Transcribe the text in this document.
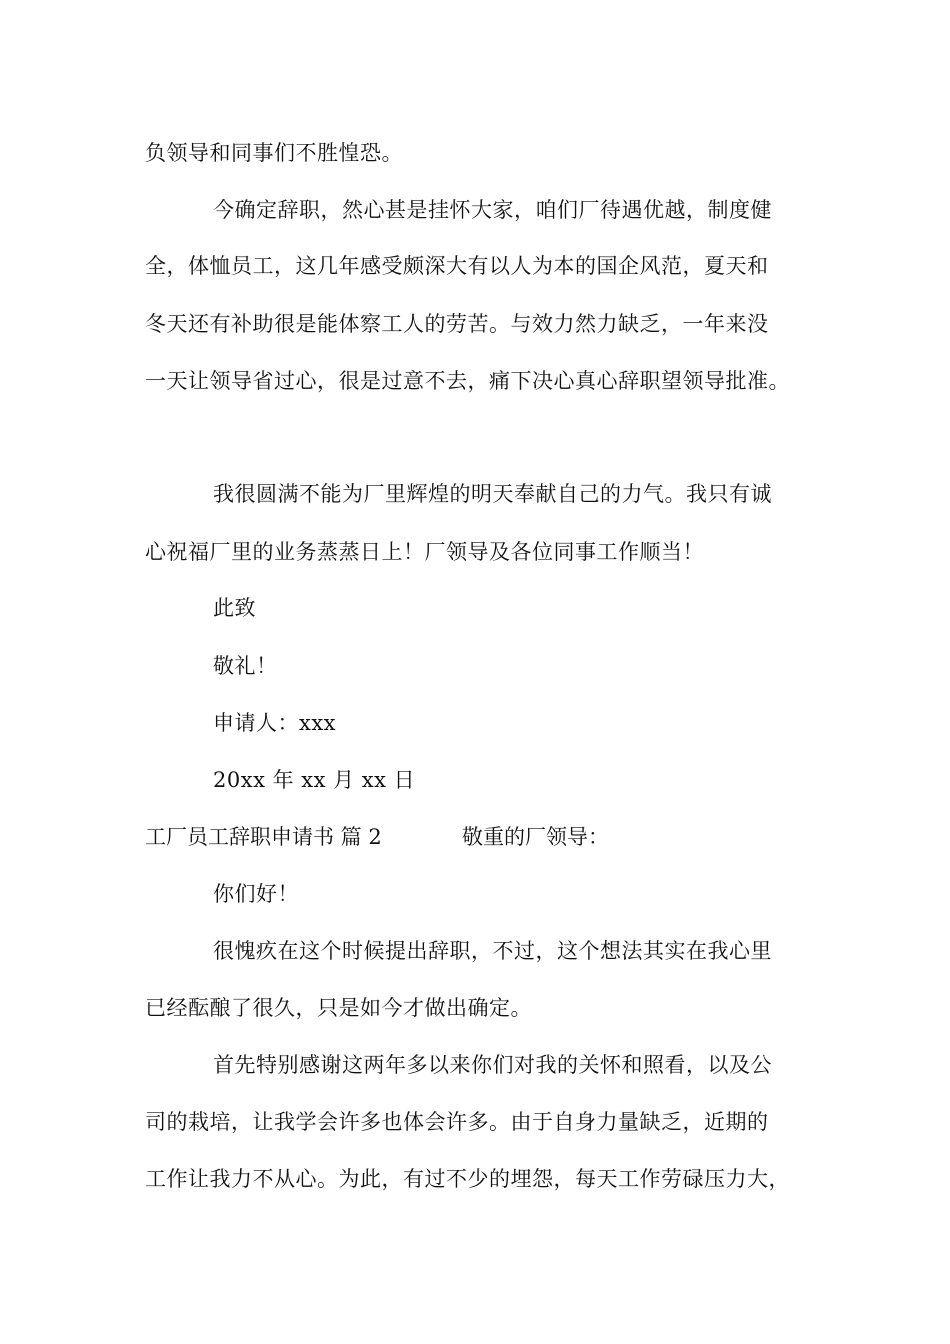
负领导和同事们不胜惶恐。
今确定辞职，然心甚是挂怀大家，咱们厂待遇优越，制度健
全，体恤员工，这几年感受颇深大有以人为本的国企风范，夏天和
冬天还有补助很是能体察工人的劳苦。与效力然力缺乏，一年来没
一天让领导省过心，很是过意不去，痛下决心真心辞职望领导批准。
我很圆满不能为厂里辉煌的明天奉献自己的力气。我只有诚
心祝福厂里的业务蒸蒸日上！厂领导及各位同事工作顺当！
此致
敬礼！
申请人：xxx
20xx 年 xx 月 xx 日
工厂员工辞职申请书 篇 2	敬重的厂领导：
你们好！
很愧疚在这个时候提出辞职，不过，这个想法其实在我心里
已经酝酿了很久，只是如今才做出确定。
首先特别感谢这两年多以来你们对我的关怀和照看，以及公
司的栽培，让我学会许多也体会许多。由于自身力量缺乏，近期的
工作让我力不从心。为此，有过不少的埋怨，每天工作劳碌压力大，
